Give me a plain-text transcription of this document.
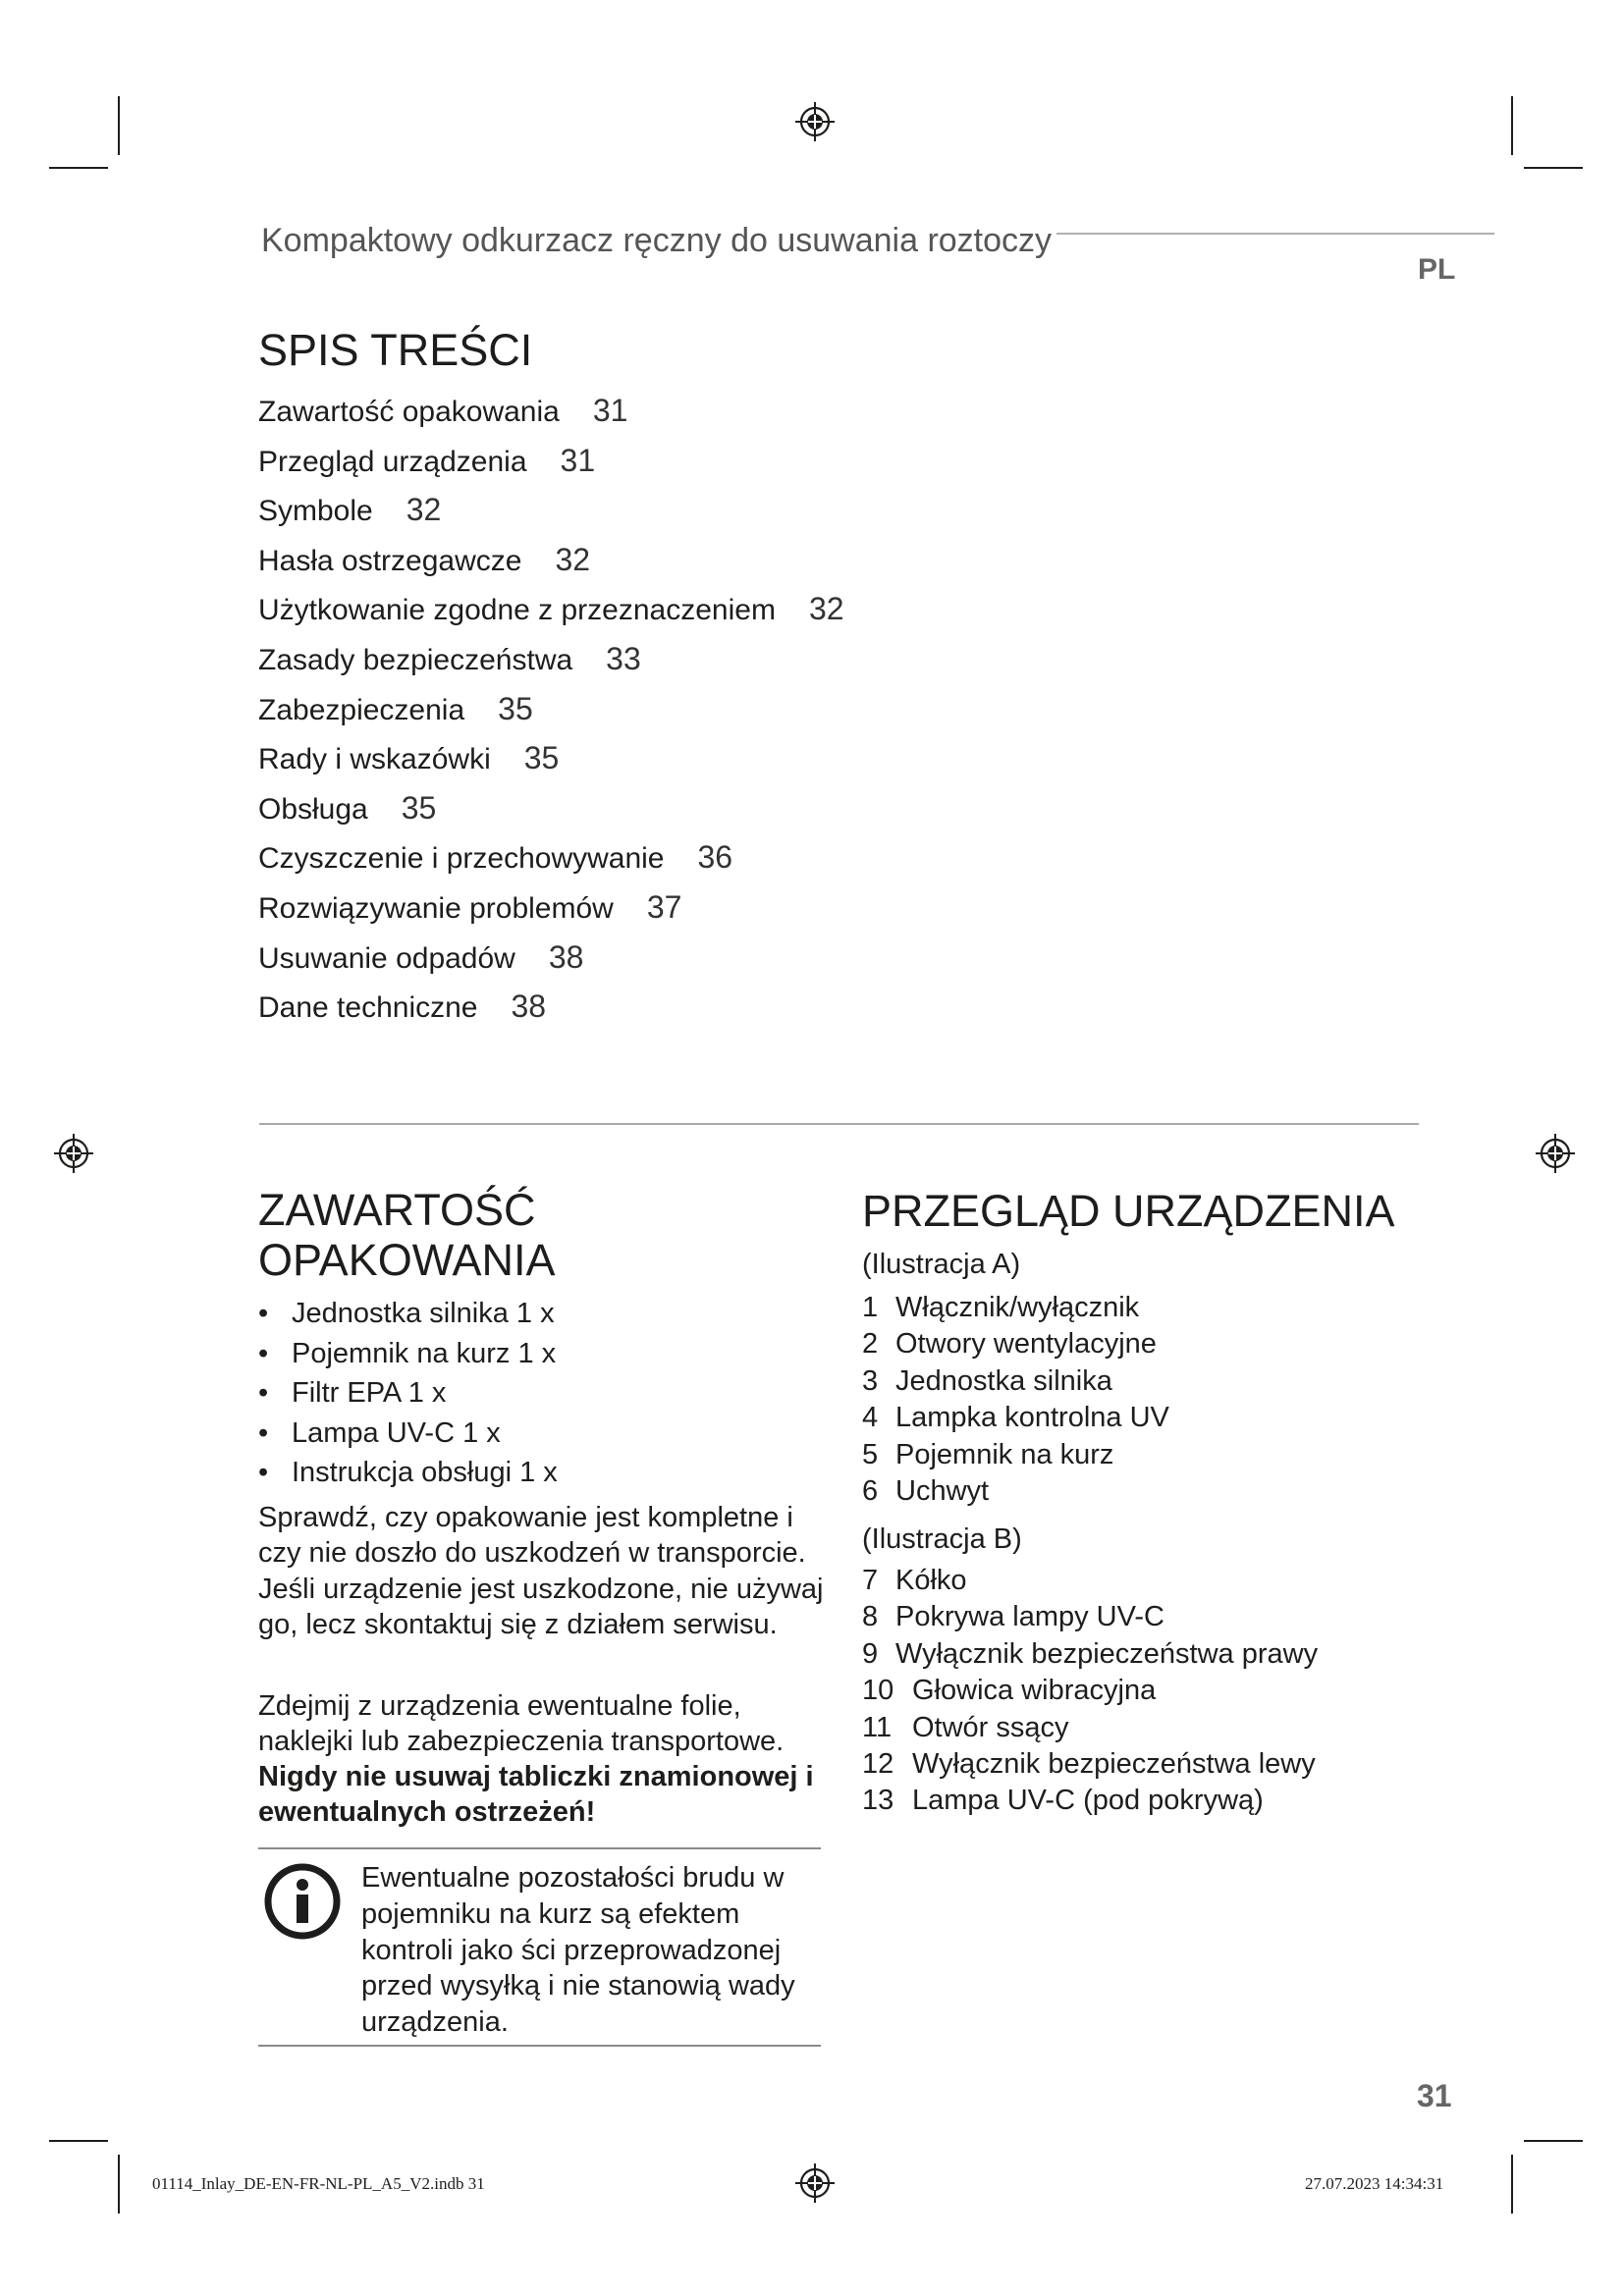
Kompaktowy odkurzacz ręczny do usuwania roztoczy
PL
SPIS TREŚCI
Zawartość opakowania 31
Przegląd urządzenia 31
Symbole 32
Hasła ostrzegawcze 32
Użytkowanie zgodne z przeznaczeniem 32
Zasady bezpieczeństwa 33
Zabezpieczenia 35
Rady i wskazówki 35
Obsługa 35
Czyszczenie i przechowywanie 36
Rozwiązywanie problemów 37
Usuwanie odpadów 38
Dane techniczne 38
ZAWARTOŚĆ
OPAKOWANIA
• Jednostka silnika 1 x
• Pojemnik na kurz 1 x
• Filtr EPA 1 x
• Lampa UV-C 1 x
• Instrukcja obsługi 1 x

Sprawdź, czy opakowanie jest kompletne i czy nie doszło do uszkodzeń w transporcie. Jeśli urządzenie jest uszkodzone, nie używaj go, lecz skontaktuj się z działem serwisu.

Zdejmij z urządzenia ewentualne folie, naklejki lub zabezpieczenia transportowe.

Nigdy nie usuwaj tabliczki znamionowej i ewentualnych ostrzeżeń!

Ewentualne pozostałości brudu w pojemniku na kurz są efektem kontroli jako ści przeprowadzonej przed wysyłką i nie stanowią wady urządzenia.

PRZEGLĄD URZĄDZENIA
(Ilustracja A)
1 Włącznik/wyłącznik
2 Otwory wentylacyjne
3 Jednostka silnika
4 Lampka kontrolna UV
5 Pojemnik na kurz
6 Uchwyt
(Ilustracja B)
7 Kółko
8 Pokrywa lampy UV-C
9 Wyłącznik bezpieczeństwa prawy
10 Głowica wibracyjna
11 Otwór ssący
12 Wyłącznik bezpieczeństwa lewy
13 Lampa UV-C (pod pokrywą)
31
01114_Inlay_DE-EN-FR-NL-PL_A5_V2.indb 31	27.07.2023 14:34:31
